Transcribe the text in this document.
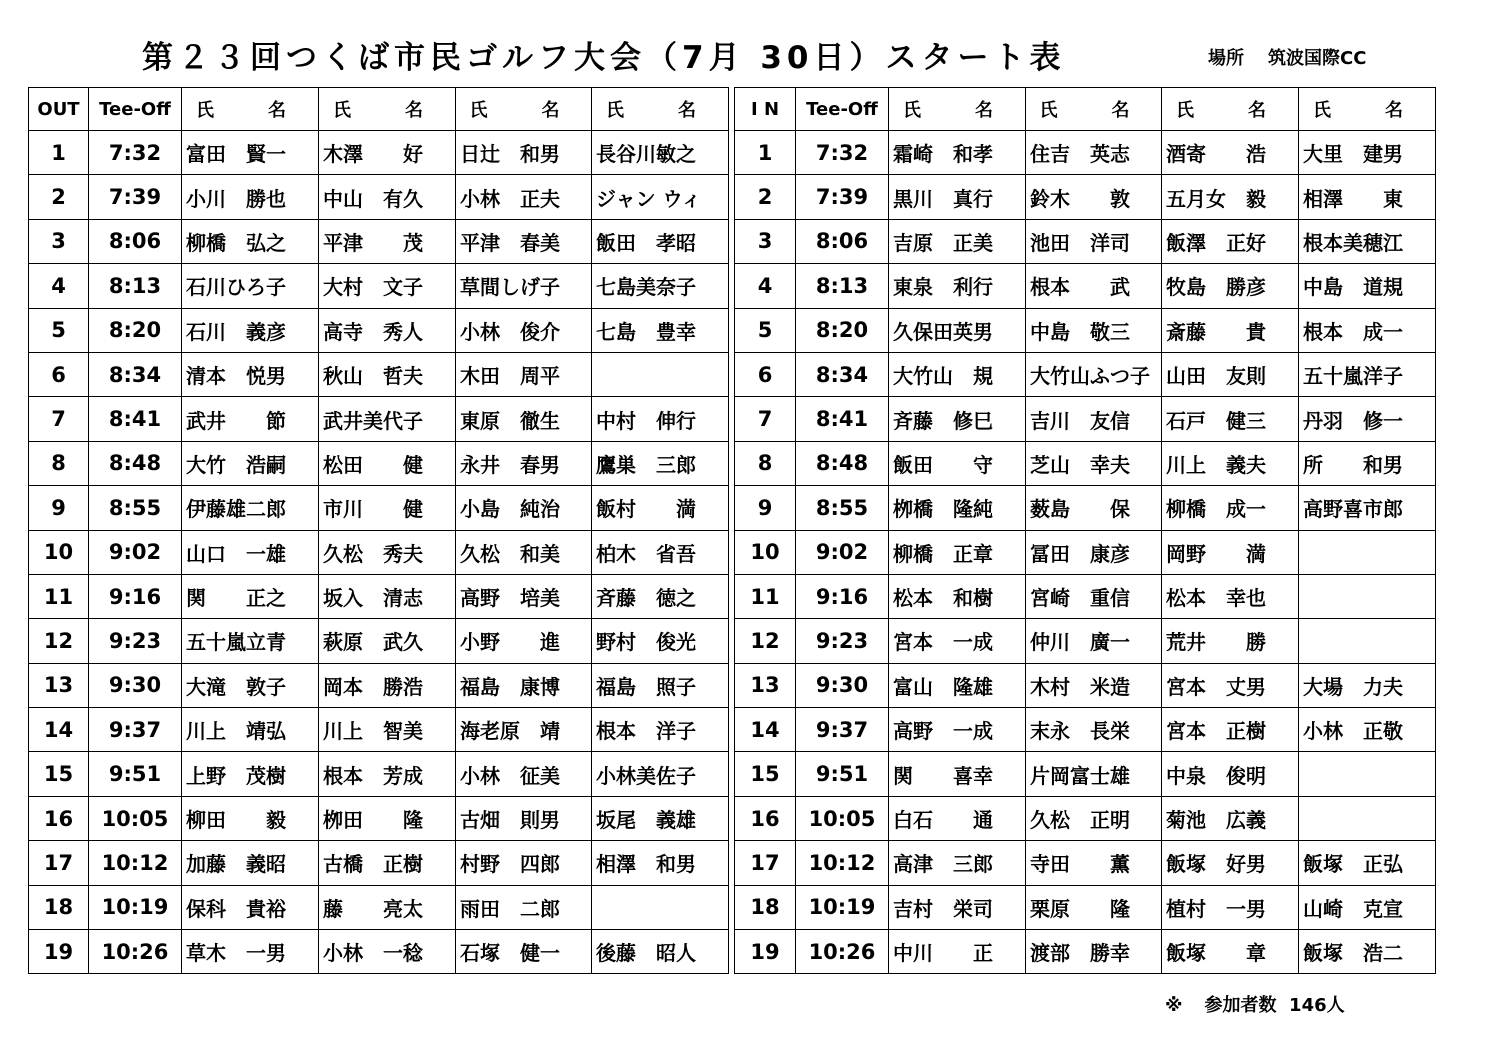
第２３回つくば市民ゴルフ大会（7月 30日）スタート表	場所 筑波国際CC
OUT	Tee-Off	氏　名	氏　名	氏　名	氏　名
1	7:32	富田　賢一	木澤　　好	日辻　和男	長谷川敏之
2	7:39	小川　勝也	中山　有久	小林　正夫	ジャン ウィ
3	8:06	柳橋　弘之	平津　　茂	平津　春美	飯田　孝昭
4	8:13	石川ひろ子	大村　文子	草間しげ子	七島美奈子
5	8:20	石川　義彦	高寺　秀人	小林　俊介	七島　豊幸
6	8:34	清本　悦男	秋山　哲夫	木田　周平	
7	8:41	武井　　節	武井美代子	東原　徹生	中村　伸行
8	8:48	大竹　浩嗣	松田　　健	永井　春男	鷹巣　三郎
9	8:55	伊藤雄二郎	市川　　健	小島　純治	飯村　　満
10	9:02	山口　一雄	久松　秀夫	久松　和美	柏木　省吾
11	9:16	関　　正之	坂入　清志	高野　培美	斉藤　徳之
12	9:23	五十嵐立青	萩原　武久	小野　　進	野村　俊光
13	9:30	大滝　敦子	岡本　勝浩	福島　康博	福島　照子
14	9:37	川上　靖弘	川上　智美	海老原　靖	根本　洋子
15	9:51	上野　茂樹	根本　芳成	小林　征美	小林美佐子
16	10:05	柳田　　毅	栁田　　隆	古畑　則男	坂尾　義雄
17	10:12	加藤　義昭	古橋　正樹	村野　四郎	相澤　和男
18	10:19	保科　貴裕	藤　　亮太	雨田　二郎	
19	10:26	草木　一男	小林　一稔	石塚　健一	後藤　昭人
I N	Tee-Off	氏　名	氏　名	氏　名	氏　名
1	7:32	霜崎　和孝	住吉　英志	酒寄　　浩	大里　建男
2	7:39	黒川　真行	鈴木　　敦	五月女　毅	相澤　　東
3	8:06	吉原　正美	池田　洋司	飯澤　正好	根本美穂江
4	8:13	東泉　利行	根本　　武	牧島　勝彦	中島　道規
5	8:20	久保田英男	中島　敬三	斎藤　　貴	根本　成一
6	8:34	大竹山　規	大竹山ふつ子	山田　友則	五十嵐洋子
7	8:41	斉藤　修巳	吉川　友信	石戸　健三	丹羽　修一
8	8:48	飯田　　守	芝山　幸夫	川上　義夫	所　　和男
9	8:55	栁橋　隆純	薮島　　保	柳橋　成一	高野喜市郎
10	9:02	柳橋　正章	冨田　康彦	岡野　　満	
11	9:16	松本　和樹	宮崎　重信	松本　幸也	
12	9:23	宮本　一成	仲川　廣一	荒井　　勝	
13	9:30	富山　隆雄	木村　米造	宮本　丈男	大場　力夫
14	9:37	高野　一成	末永　長栄	宮本　正樹	小林　正敬
15	9:51	関　　喜幸	片岡富士雄	中泉　俊明	
16	10:05	白石　　通	久松　正明	菊池　広義	
17	10:12	高津　三郎	寺田　　薫	飯塚　好男	飯塚　正弘
18	10:19	吉村　栄司	栗原　　隆	植村　一男	山崎　克宣
19	10:26	中川　　正	渡部　勝幸	飯塚　　章	飯塚　浩二
※ 参加者数 146人
